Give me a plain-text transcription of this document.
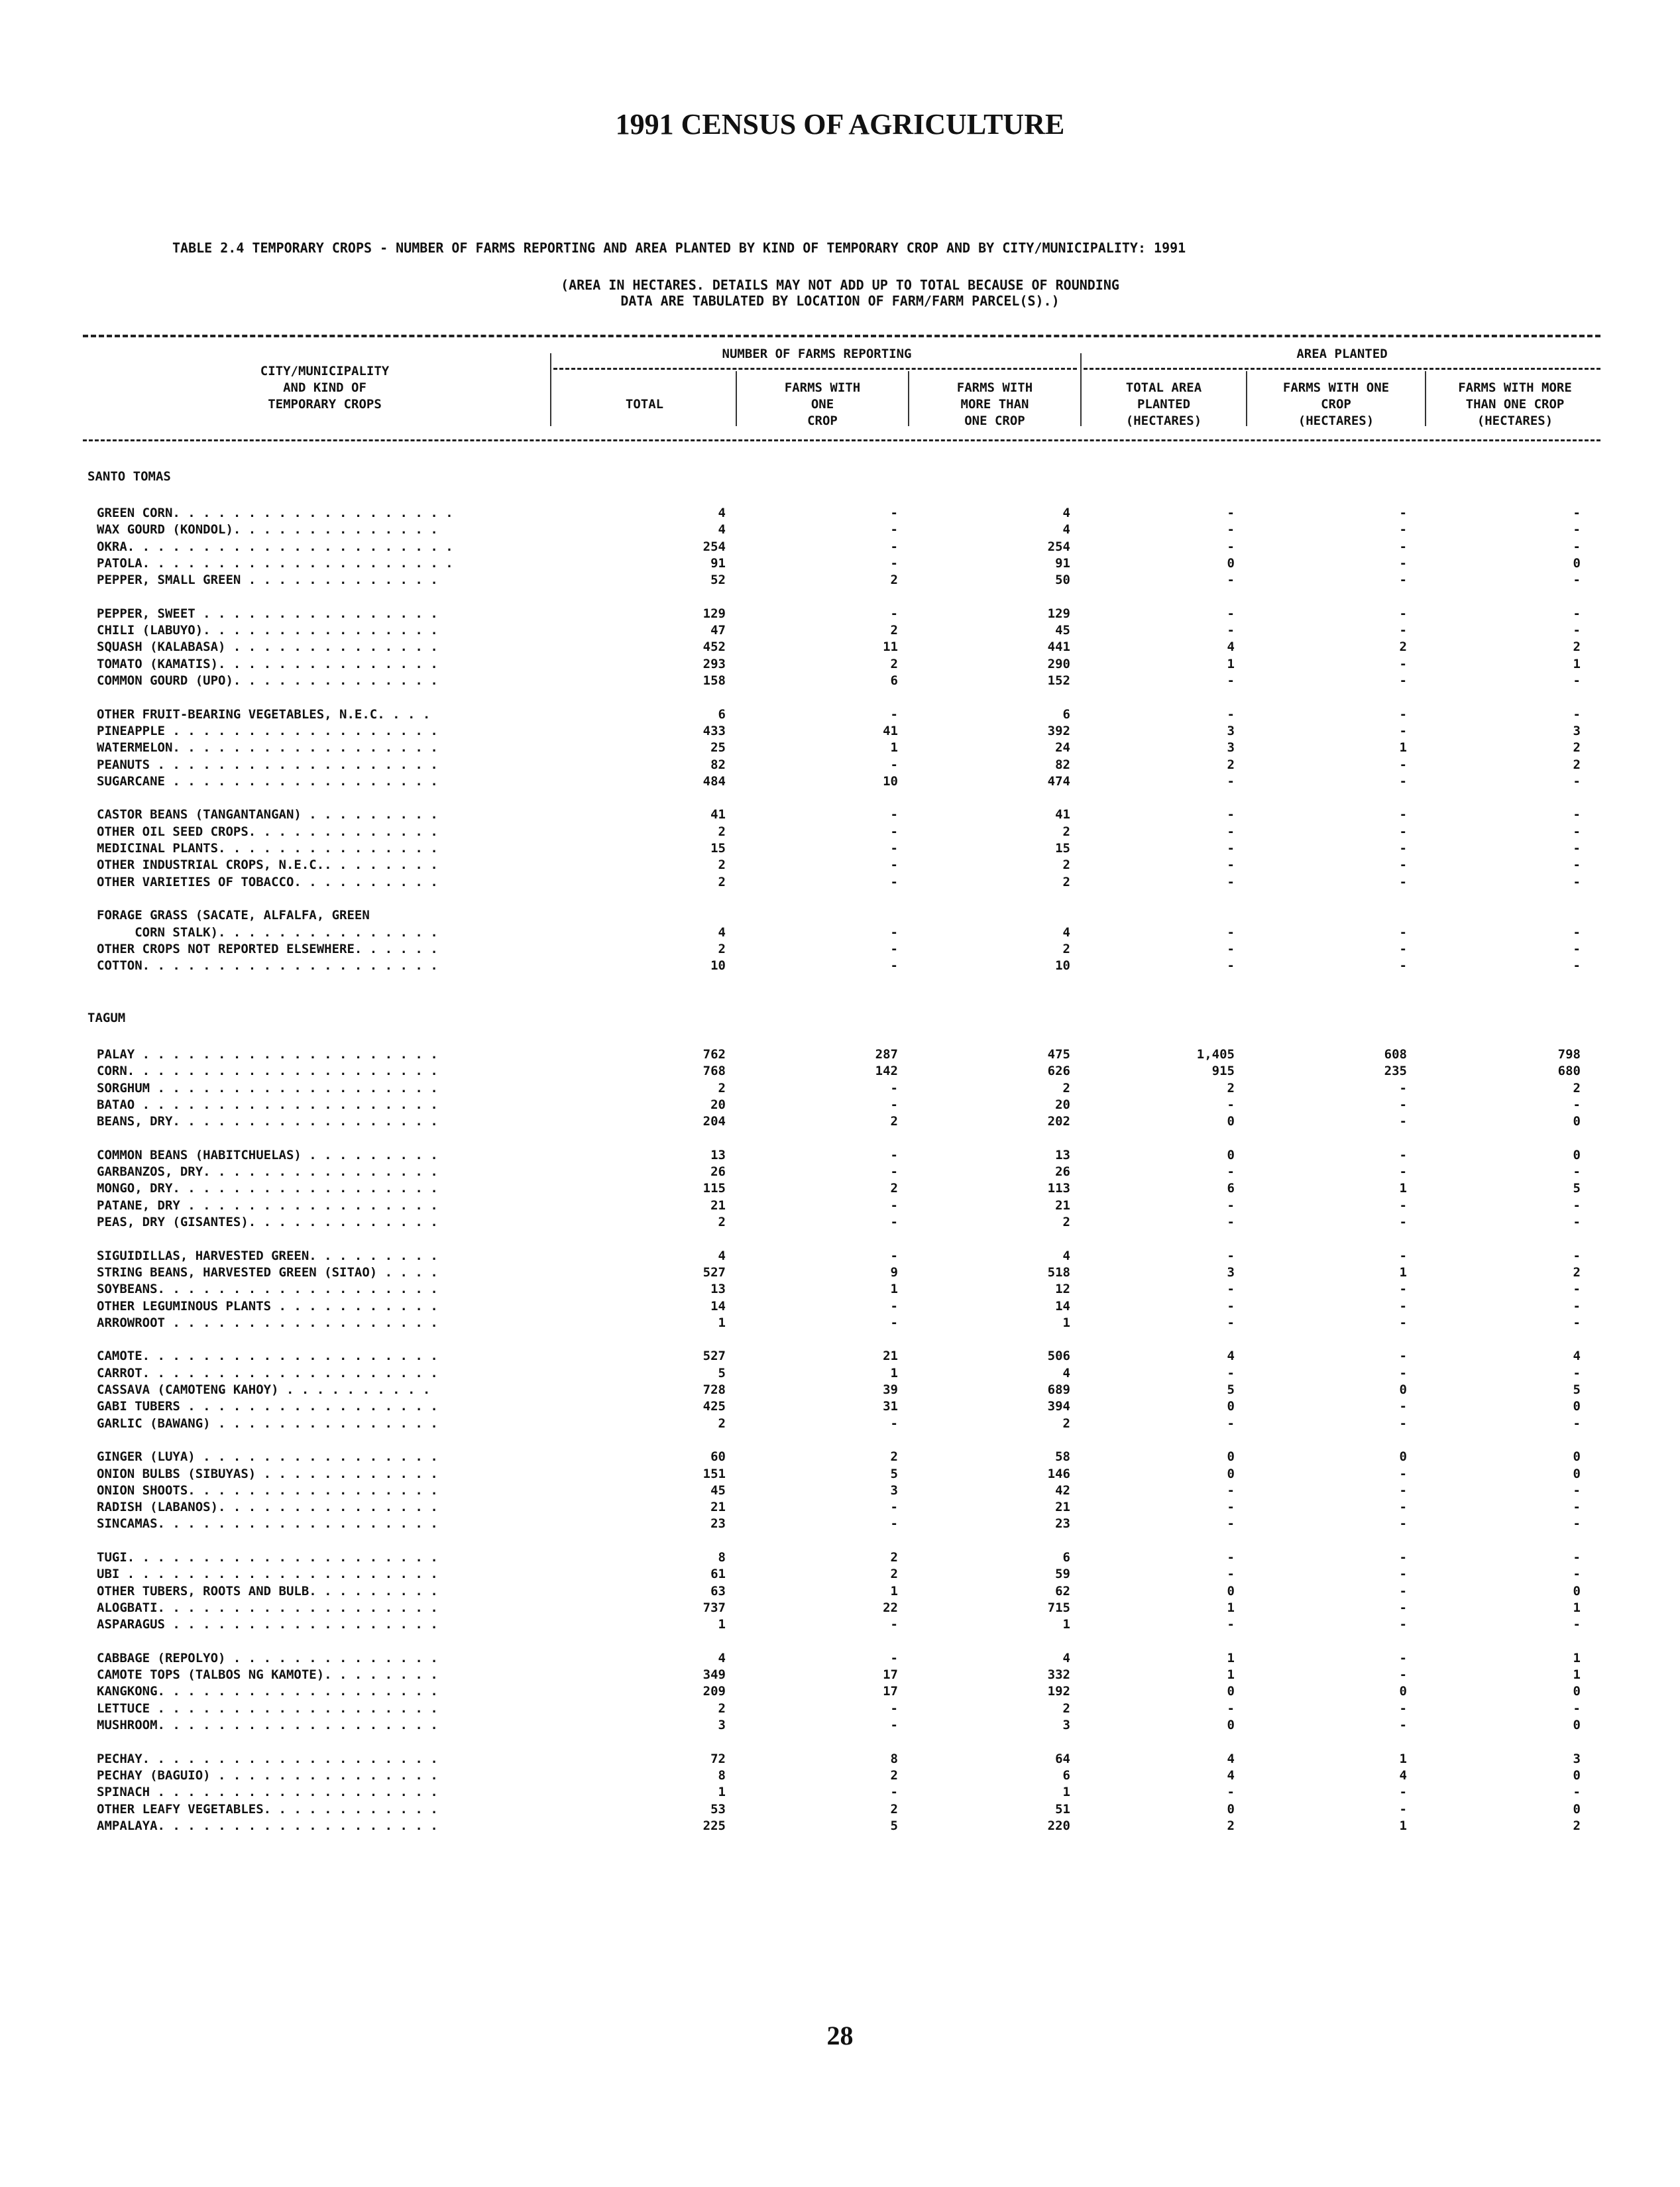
1991 CENSUS OF AGRICULTURE
TABLE 2.4 TEMPORARY CROPS - NUMBER OF FARMS REPORTING AND AREA PLANTED BY KIND OF TEMPORARY CROP AND BY CITY/MUNICIPALITY: 1991
(AREA IN HECTARES. DETAILS MAY NOT ADD UP TO TOTAL BECAUSE OF ROUNDING
DATA ARE TABULATED BY LOCATION OF FARM/FARM PARCEL(S).)
CITY/MUNICIPALITY
AND KIND OF
TEMPORARY CROPS
NUMBER OF FARMS REPORTING	AREA PLANTED
TOTAL
FARMS WITH
ONE
CROP
FARMS WITH
MORE THAN
ONE CROP
TOTAL AREA
PLANTED
(HECTARES)
FARMS WITH ONE
CROP
(HECTARES)
FARMS WITH MORE
THAN ONE CROP
(HECTARES)
SANTO TOMAS
GREEN CORN. . . . . . . . . . . . . . . . . . .	4	-	4	-	-	-
WAX GOURD (KONDOL). . . . . . . . . . . . . .	4	-	4	-	-	-
OKRA. . . . . . . . . . . . . . . . . . . . . .	254	-	254	-	-	-
PATOLA. . . . . . . . . . . . . . . . . . . . .	91	-	91	0	-	0
PEPPER, SMALL GREEN . . . . . . . . . . . . .	52	2	50	-	-	-
PEPPER, SWEET . . . . . . . . . . . . . . . .	129	-	129	-	-	-
CHILI (LABUYO). . . . . . . . . . . . . . . .	47	2	45	-	-	-
SQUASH (KALABASA) . . . . . . . . . . . . . .	452	11	441	4	2	2
TOMATO (KAMATIS). . . . . . . . . . . . . . .	293	2	290	1	-	1
COMMON GOURD (UPO). . . . . . . . . . . . . .	158	6	152	-	-	-
OTHER FRUIT-BEARING VEGETABLES, N.E.C. . . .	6	-	6	-	-	-
PINEAPPLE . . . . . . . . . . . . . . . . . .	433	41	392	3	-	3
WATERMELON. . . . . . . . . . . . . . . . . .	25	1	24	3	1	2
PEANUTS . . . . . . . . . . . . . . . . . . .	82	-	82	2	-	2
SUGARCANE . . . . . . . . . . . . . . . . . .	484	10	474	-	-	-
CASTOR BEANS (TANGANTANGAN) . . . . . . . . .	41	-	41	-	-	-
OTHER OIL SEED CROPS. . . . . . . . . . . . .	2	-	2	-	-	-
MEDICINAL PLANTS. . . . . . . . . . . . . . .	15	-	15	-	-	-
OTHER INDUSTRIAL CROPS, N.E.C.. . . . . . . .	2	-	2	-	-	-
OTHER VARIETIES OF TOBACCO. . . . . . . . . .	2	-	2	-	-	-
FORAGE GRASS (SACATE, ALFALFA, GREEN
CORN STALK). . . . . . . . . . . . . . .	4	-	4	-	-	-
OTHER CROPS NOT REPORTED ELSEWHERE. . . . . .	2	-	2	-	-	-
COTTON. . . . . . . . . . . . . . . . . . . .	10	-	10	-	-	-
TAGUM
PALAY . . . . . . . . . . . . . . . . . . . .	762	287	475	1,405	608	798
CORN. . . . . . . . . . . . . . . . . . . . .	768	142	626	915	235	680
SORGHUM . . . . . . . . . . . . . . . . . . .	2	-	2	2	-	2
BATAO . . . . . . . . . . . . . . . . . . . .	20	-	20	-	-	-
BEANS, DRY. . . . . . . . . . . . . . . . . .	204	2	202	0	-	0
COMMON BEANS (HABITCHUELAS) . . . . . . . . .	13	-	13	0	-	0
GARBANZOS, DRY. . . . . . . . . . . . . . . .	26	-	26	-	-	-
MONGO, DRY. . . . . . . . . . . . . . . . . .	115	2	113	6	1	5
PATANE, DRY . . . . . . . . . . . . . . . . .	21	-	21	-	-	-
PEAS, DRY (GISANTES). . . . . . . . . . . . .	2	-	2	-	-	-
SIGUIDILLAS, HARVESTED GREEN. . . . . . . . .	4	-	4	-	-	-
STRING BEANS, HARVESTED GREEN (SITAO) . . . .	527	9	518	3	1	2
SOYBEANS. . . . . . . . . . . . . . . . . . .	13	1	12	-	-	-
OTHER LEGUMINOUS PLANTS . . . . . . . . . . .	14	-	14	-	-	-
ARROWROOT . . . . . . . . . . . . . . . . . .	1	-	1	-	-	-
CAMOTE. . . . . . . . . . . . . . . . . . . .	527	21	506	4	-	4
CARROT. . . . . . . . . . . . . . . . . . . .	5	1	4	-	-	-
CASSAVA (CAMOTENG KAHOY) . . . . . . . . . .	728	39	689	5	0	5
GABI TUBERS . . . . . . . . . . . . . . . . .	425	31	394	0	-	0
GARLIC (BAWANG) . . . . . . . . . . . . . . .	2	-	2	-	-	-
GINGER (LUYA) . . . . . . . . . . . . . . . .	60	2	58	0	0	0
ONION BULBS (SIBUYAS) . . . . . . . . . . . .	151	5	146	0	-	0
ONION SHOOTS. . . . . . . . . . . . . . . . .	45	3	42	-	-	-
RADISH (LABANOS). . . . . . . . . . . . . . .	21	-	21	-	-	-
SINCAMAS. . . . . . . . . . . . . . . . . . .	23	-	23	-	-	-
TUGI. . . . . . . . . . . . . . . . . . . . .	8	2	6	-	-	-
UBI . . . . . . . . . . . . . . . . . . . . .	61	2	59	-	-	-
OTHER TUBERS, ROOTS AND BULB. . . . . . . . .	63	1	62	0	-	0
ALOGBATI. . . . . . . . . . . . . . . . . . .	737	22	715	1	-	1
ASPARAGUS . . . . . . . . . . . . . . . . . .	1	-	1	-	-	-
CABBAGE (REPOLYO) . . . . . . . . . . . . . .	4	-	4	1	-	1
CAMOTE TOPS (TALBOS NG KAMOTE). . . . . . . .	349	17	332	1	-	1
KANGKONG. . . . . . . . . . . . . . . . . . .	209	17	192	0	0	0
LETTUCE . . . . . . . . . . . . . . . . . . .	2	-	2	-	-	-
MUSHROOM. . . . . . . . . . . . . . . . . . .	3	-	3	0	-	0
PECHAY. . . . . . . . . . . . . . . . . . . .	72	8	64	4	1	3
PECHAY (BAGUIO) . . . . . . . . . . . . . . .	8	2	6	4	4	0
SPINACH . . . . . . . . . . . . . . . . . . .	1	-	1	-	-	-
OTHER LEAFY VEGETABLES. . . . . . . . . . . .	53	2	51	0	-	0
AMPALAYA. . . . . . . . . . . . . . . . . . .	225	5	220	2	1	2
28
